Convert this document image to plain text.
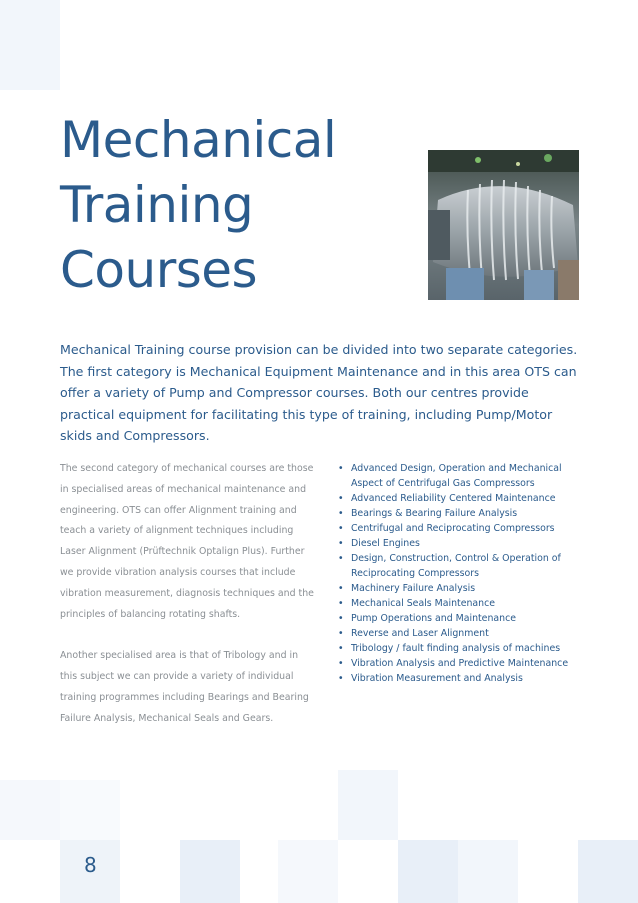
Mechanical
Training
Courses

Mechanical Training course provision can be divided into two separate categories. The first category is Mechanical Equipment Maintenance and in this area OTS can offer a variety of Pump and Compressor courses. Both our centres provide practical equipment for facilitating this type of training, including Pump/Motor skids and Compressors.

The second category of mechanical courses are those in specialised areas of mechanical maintenance and engineering. OTS can offer Alignment training and teach a variety of alignment techniques including Laser Alignment (Prüftechnik Optalign Plus). Further we provide vibration analysis courses that include vibration measurement, diagnosis techniques and the principles of balancing rotating shafts.

Another specialised area is that of Tribology and in this subject we can provide a variety of individual training programmes including Bearings and Bearing Failure Analysis, Mechanical Seals and Gears.

• Advanced Design, Operation and Mechanical Aspect of Centrifugal Gas Compressors
• Advanced Reliability Centered Maintenance
• Bearings & Bearing Failure Analysis
• Centrifugal and Reciprocating Compressors
• Diesel Engines
• Design, Construction, Control & Operation of Reciprocating Compressors
• Machinery Failure Analysis
• Mechanical Seals Maintenance
• Pump Operations and Maintenance
• Reverse and Laser Alignment
• Tribology / fault finding analysis of machines
• Vibration Analysis and Predictive Maintenance
• Vibration Measurement and Analysis
8
